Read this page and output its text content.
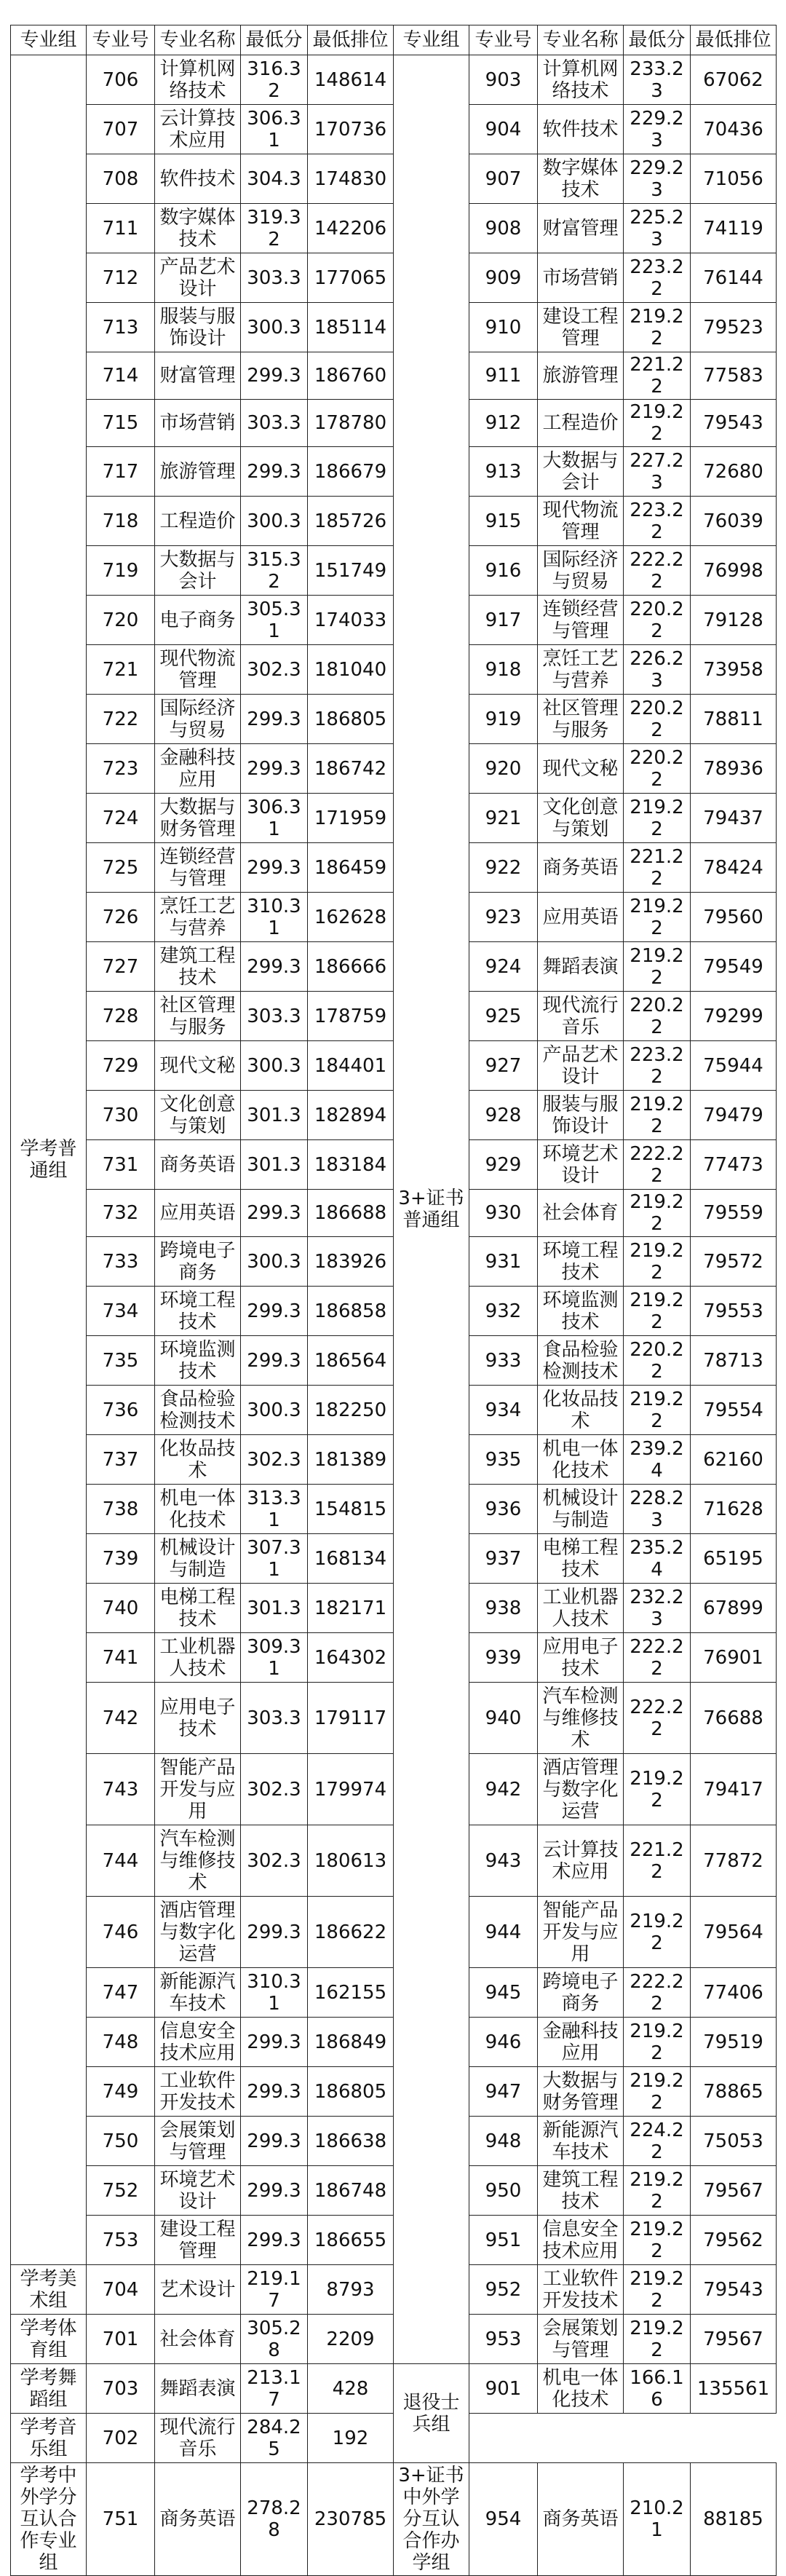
专业组	专业号	专业名称	最低分	最低排位	专业组	专业号	专业名称	最低分	最低排位
学考普通组	706	计算机网络技术	316.32	148614	3+证书普通组	903	计算机网络技术	233.23	67062
	707	云计算技术应用	306.31	170736		904	软件技术	229.23	70436
	708	软件技术	304.3	174830		907	数字媒体技术	229.23	71056
	711	数字媒体技术	319.32	142206		908	财富管理	225.23	74119
	712	产品艺术设计	303.3	177065		909	市场营销	223.22	76144
	713	服装与服饰设计	300.3	185114		910	建设工程管理	219.22	79523
	714	财富管理	299.3	186760		911	旅游管理	221.22	77583
	715	市场营销	303.3	178780		912	工程造价	219.22	79543
	717	旅游管理	299.3	186679		913	大数据与会计	227.23	72680
	718	工程造价	300.3	185726		915	现代物流管理	223.22	76039
	719	大数据与会计	315.32	151749		916	国际经济与贸易	222.22	76998
	720	电子商务	305.31	174033		917	连锁经营与管理	220.22	79128
	721	现代物流管理	302.3	181040		918	烹饪工艺与营养	226.23	73958
	722	国际经济与贸易	299.3	186805		919	社区管理与服务	220.22	78811
	723	金融科技应用	299.3	186742		920	现代文秘	220.22	78936
	724	大数据与财务管理	306.31	171959		921	文化创意与策划	219.22	79437
	725	连锁经营与管理	299.3	186459		922	商务英语	221.22	78424
	726	烹饪工艺与营养	310.31	162628		923	应用英语	219.22	79560
	727	建筑工程技术	299.3	186666		924	舞蹈表演	219.22	79549
	728	社区管理与服务	303.3	178759		925	现代流行音乐	220.22	79299
	729	现代文秘	300.3	184401		927	产品艺术设计	223.22	75944
	730	文化创意与策划	301.3	182894		928	服装与服饰设计	219.22	79479
	731	商务英语	301.3	183184		929	环境艺术设计	222.22	77473
	732	应用英语	299.3	186688		930	社会体育	219.22	79559
	733	跨境电子商务	300.3	183926		931	环境工程技术	219.22	79572
	734	环境工程技术	299.3	186858		932	环境监测技术	219.22	79553
	735	环境监测技术	299.3	186564		933	食品检验检测技术	220.22	78713
	736	食品检验检测技术	300.3	182250		934	化妆品技术	219.22	79554
	737	化妆品技术	302.3	181389		935	机电一体化技术	239.24	62160
	738	机电一体化技术	313.31	154815		936	机械设计与制造	228.23	71628
	739	机械设计与制造	307.31	168134		937	电梯工程技术	235.24	65195
	740	电梯工程技术	301.3	182171		938	工业机器人技术	232.23	67899
	741	工业机器人技术	309.31	164302		939	应用电子技术	222.22	76901
	742	应用电子技术	303.3	179117		940	汽车检测与维修技术	222.22	76688
	743	智能产品开发与应用	302.3	179974		942	酒店管理与数字化运营	219.22	79417
	744	汽车检测与维修技术	302.3	180613		943	云计算技术应用	221.22	77872
	746	酒店管理与数字化运营	299.3	186622		944	智能产品开发与应用	219.22	79564
	747	新能源汽车技术	310.31	162155		945	跨境电子商务	222.22	77406
	748	信息安全技术应用	299.3	186849		946	金融科技应用	219.22	79519
	749	工业软件开发技术	299.3	186805		947	大数据与财务管理	219.22	78865
	750	会展策划与管理	299.3	186638		948	新能源汽车技术	224.22	75053
	752	环境艺术设计	299.3	186748		950	建筑工程技术	219.22	79567
	753	建设工程管理	299.3	186655		951	信息安全技术应用	219.22	79562
学考美术组	704	艺术设计	219.17	8793		952	工业软件开发技术	219.22	79543
学考体育组	701	社会体育	305.28	2209		953	会展策划与管理	219.22	79567
学考舞蹈组	703	舞蹈表演	213.17	428	退役士兵组	901	机电一体化技术	166.16	135561
学考音乐组	702	现代流行音乐	284.25	192					
学考中外学分互认合作专业组	751	商务英语	278.28	230785	3+证书中外学分互认合作办学组	954	商务英语	210.21	88185
